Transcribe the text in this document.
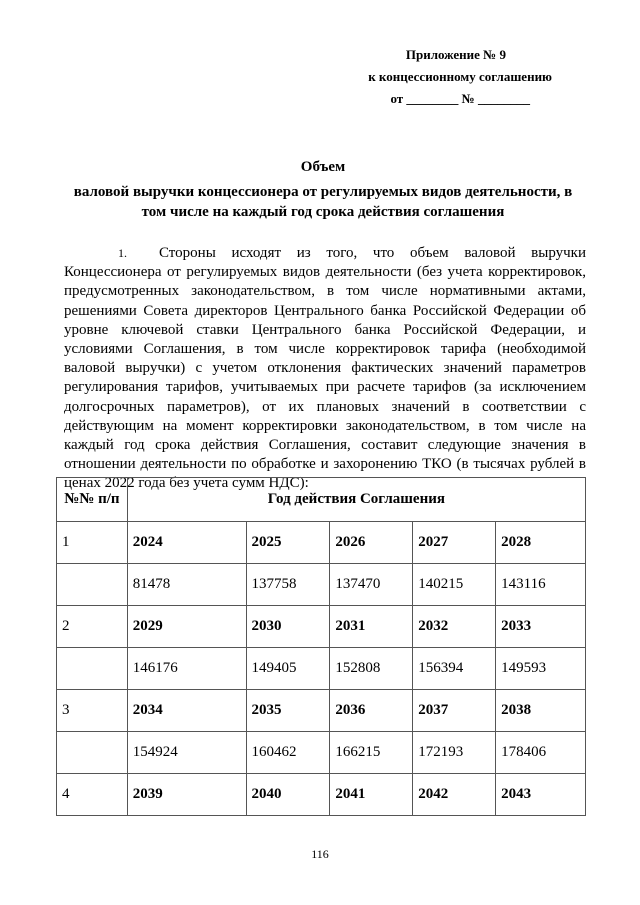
Приложение № 9
к концессионному соглашению
от ________ № ________
Объем
валовой выручки концессионера от регулируемых видов деятельности, в том числе на каждый год срока действия соглашения
1. Стороны исходят из того, что объем валовой выручки Концессионера от регулируемых видов деятельности (без учета корректировок, предусмотренных законодательством, в том числе нормативными актами, решениями Совета директоров Центрального банка Российской Федерации об уровне ключевой ставки Центрального банка Российской Федерации, и условиями Соглашения, в том числе корректировок тарифа (необходимой валовой выручки) с учетом отклонения фактических значений параметров регулирования тарифов, учитываемых при расчете тарифов (за исключением долгосрочных параметров), от их плановых значений в соответствии с действующим на момент корректировки законодательством, в том числе на каждый год срока действия Соглашения, составит следующие значения в отношении деятельности по обработке и захоронению ТКО (в тысячах рублей в ценах 2022 года без учета сумм НДС):
№№ п/п	Год действия Соглашения				
1	2024	2025	2026	2027	2028
	81478	137758	137470	140215	143116
2	2029	2030	2031	2032	2033
	146176	149405	152808	156394	149593
3	2034	2035	2036	2037	2038
	154924	160462	166215	172193	178406
4	2039	2040	2041	2042	2043
116
